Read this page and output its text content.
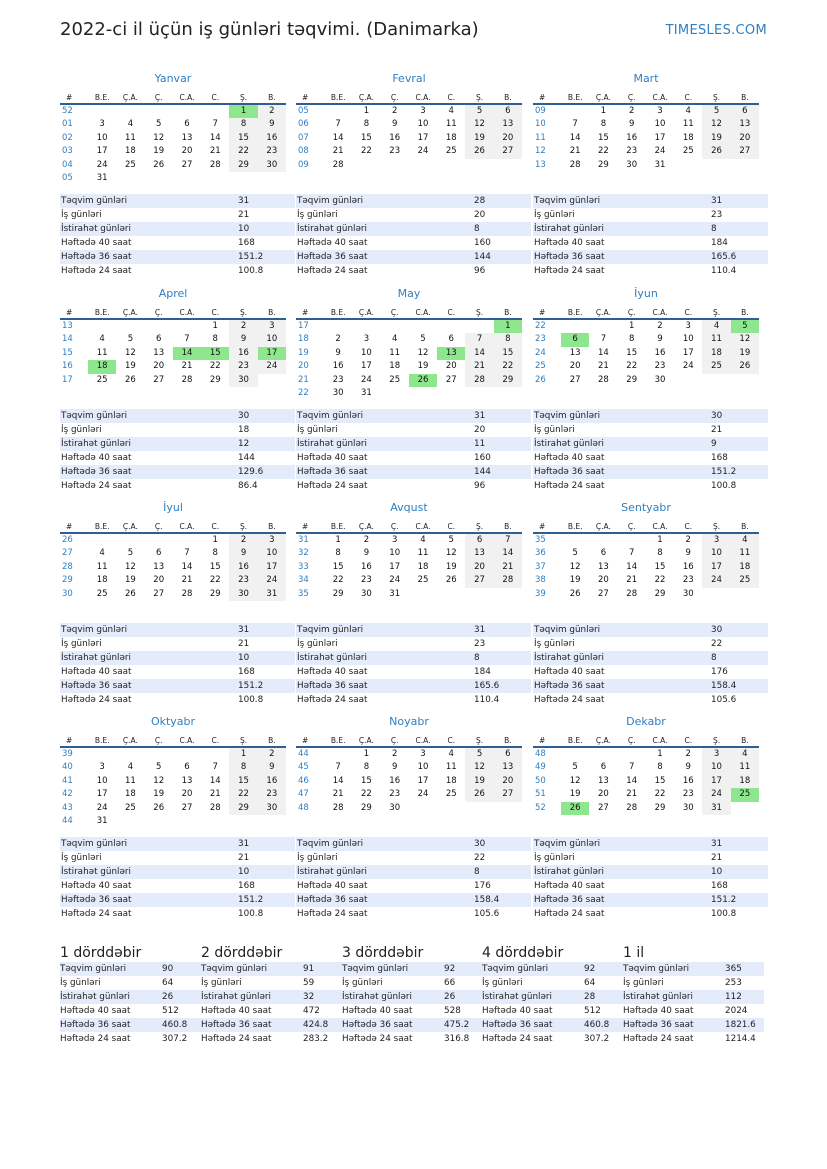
2022-ci il üçün iş günləri təqvimi. (Danimarka)	TIMESLES.COM
Yanvar
#	B.E.	Ç.A.	Ç.	C.A.	C.	Ş.	B.
52						1	2
01	3	4	5	6	7	8	9
02	10	11	12	13	14	15	16
03	17	18	19	20	21	22	23
04	24	25	26	27	28	29	30
05	31						
Təqvim günləri	31
İş günləri	21
İstirahət günləri	10
Həftədə 40 saat	168
Həftədə 36 saat	151.2
Həftədə 24 saat	100.8
Fevral
#	B.E.	Ç.A.	Ç.	C.A.	C.	Ş.	B.
05		1	2	3	4	5	6
06	7	8	9	10	11	12	13
07	14	15	16	17	18	19	20
08	21	22	23	24	25	26	27
09	28						
Təqvim günləri	28
İş günləri	20
İstirahət günləri	8
Həftədə 40 saat	160
Həftədə 36 saat	144
Həftədə 24 saat	96
Mart
#	B.E.	Ç.A.	Ç.	C.A.	C.	Ş.	B.
09		1	2	3	4	5	6
10	7	8	9	10	11	12	13
11	14	15	16	17	18	19	20
12	21	22	23	24	25	26	27
13	28	29	30	31			
Təqvim günləri	31
İş günləri	23
İstirahət günləri	8
Həftədə 40 saat	184
Həftədə 36 saat	165.6
Həftədə 24 saat	110.4
Aprel
#	B.E.	Ç.A.	Ç.	C.A.	C.	Ş.	B.
13					1	2	3
14	4	5	6	7	8	9	10
15	11	12	13	14	15	16	17
16	18	19	20	21	22	23	24
17	25	26	27	28	29	30	
Təqvim günləri	30
İş günləri	18
İstirahət günləri	12
Həftədə 40 saat	144
Həftədə 36 saat	129.6
Həftədə 24 saat	86.4
May
#	B.E.	Ç.A.	Ç.	C.A.	C.	Ş.	B.
17							1
18	2	3	4	5	6	7	8
19	9	10	11	12	13	14	15
20	16	17	18	19	20	21	22
21	23	24	25	26	27	28	29
22	30	31					
Təqvim günləri	31
İş günləri	20
İstirahət günləri	11
Həftədə 40 saat	160
Həftədə 36 saat	144
Həftədə 24 saat	96
İyun
#	B.E.	Ç.A.	Ç.	C.A.	C.	Ş.	B.
22			1	2	3	4	5
23	6	7	8	9	10	11	12
24	13	14	15	16	17	18	19
25	20	21	22	23	24	25	26
26	27	28	29	30			
Təqvim günləri	30
İş günləri	21
İstirahət günləri	9
Həftədə 40 saat	168
Həftədə 36 saat	151.2
Həftədə 24 saat	100.8
İyul
#	B.E.	Ç.A.	Ç.	C.A.	C.	Ş.	B.
26					1	2	3
27	4	5	6	7	8	9	10
28	11	12	13	14	15	16	17
29	18	19	20	21	22	23	24
30	25	26	27	28	29	30	31
Təqvim günləri	31
İş günləri	21
İstirahət günləri	10
Həftədə 40 saat	168
Həftədə 36 saat	151.2
Həftədə 24 saat	100.8
Avqust
#	B.E.	Ç.A.	Ç.	C.A.	C.	Ş.	B.
31	1	2	3	4	5	6	7
32	8	9	10	11	12	13	14
33	15	16	17	18	19	20	21
34	22	23	24	25	26	27	28
35	29	30	31				
Təqvim günləri	31
İş günləri	23
İstirahət günləri	8
Həftədə 40 saat	184
Həftədə 36 saat	165.6
Həftədə 24 saat	110.4
Sentyabr
#	B.E.	Ç.A.	Ç.	C.A.	C.	Ş.	B.
35				1	2	3	4
36	5	6	7	8	9	10	11
37	12	13	14	15	16	17	18
38	19	20	21	22	23	24	25
39	26	27	28	29	30		
Təqvim günləri	30
İş günləri	22
İstirahət günləri	8
Həftədə 40 saat	176
Həftədə 36 saat	158.4
Həftədə 24 saat	105.6
Oktyabr
#	B.E.	Ç.A.	Ç.	C.A.	C.	Ş.	B.
39						1	2
40	3	4	5	6	7	8	9
41	10	11	12	13	14	15	16
42	17	18	19	20	21	22	23
43	24	25	26	27	28	29	30
44	31						
Təqvim günləri	31
İş günləri	21
İstirahət günləri	10
Həftədə 40 saat	168
Həftədə 36 saat	151.2
Həftədə 24 saat	100.8
Noyabr
#	B.E.	Ç.A.	Ç.	C.A.	C.	Ş.	B.
44		1	2	3	4	5	6
45	7	8	9	10	11	12	13
46	14	15	16	17	18	19	20
47	21	22	23	24	25	26	27
48	28	29	30				
Təqvim günləri	30
İş günləri	22
İstirahət günləri	8
Həftədə 40 saat	176
Həftədə 36 saat	158.4
Həftədə 24 saat	105.6
Dekabr
#	B.E.	Ç.A.	Ç.	C.A.	C.	Ş.	B.
48				1	2	3	4
49	5	6	7	8	9	10	11
50	12	13	14	15	16	17	18
51	19	20	21	22	23	24	25
52	26	27	28	29	30	31	
Təqvim günləri	31
İş günləri	21
İstirahət günləri	10
Həftədə 40 saat	168
Həftədə 36 saat	151.2
Həftədə 24 saat	100.8
1 dörddəbir
Təqvim günləri	90
İş günləri	64
İstirahət günləri	26
Həftədə 40 saat	512
Həftədə 36 saat	460.8
Həftədə 24 saat	307.2
2 dörddəbir
Təqvim günləri	91
İş günləri	59
İstirahət günləri	32
Həftədə 40 saat	472
Həftədə 36 saat	424.8
Həftədə 24 saat	283.2
3 dörddəbir
Təqvim günləri	92
İş günləri	66
İstirahət günləri	26
Həftədə 40 saat	528
Həftədə 36 saat	475.2
Həftədə 24 saat	316.8
4 dörddəbir
Təqvim günləri	92
İş günləri	64
İstirahət günləri	28
Həftədə 40 saat	512
Həftədə 36 saat	460.8
Həftədə 24 saat	307.2
1 il
Təqvim günləri	365
İş günləri	253
İstirahət günləri	112
Həftədə 40 saat	2024
Həftədə 36 saat	1821.6
Həftədə 24 saat	1214.4
